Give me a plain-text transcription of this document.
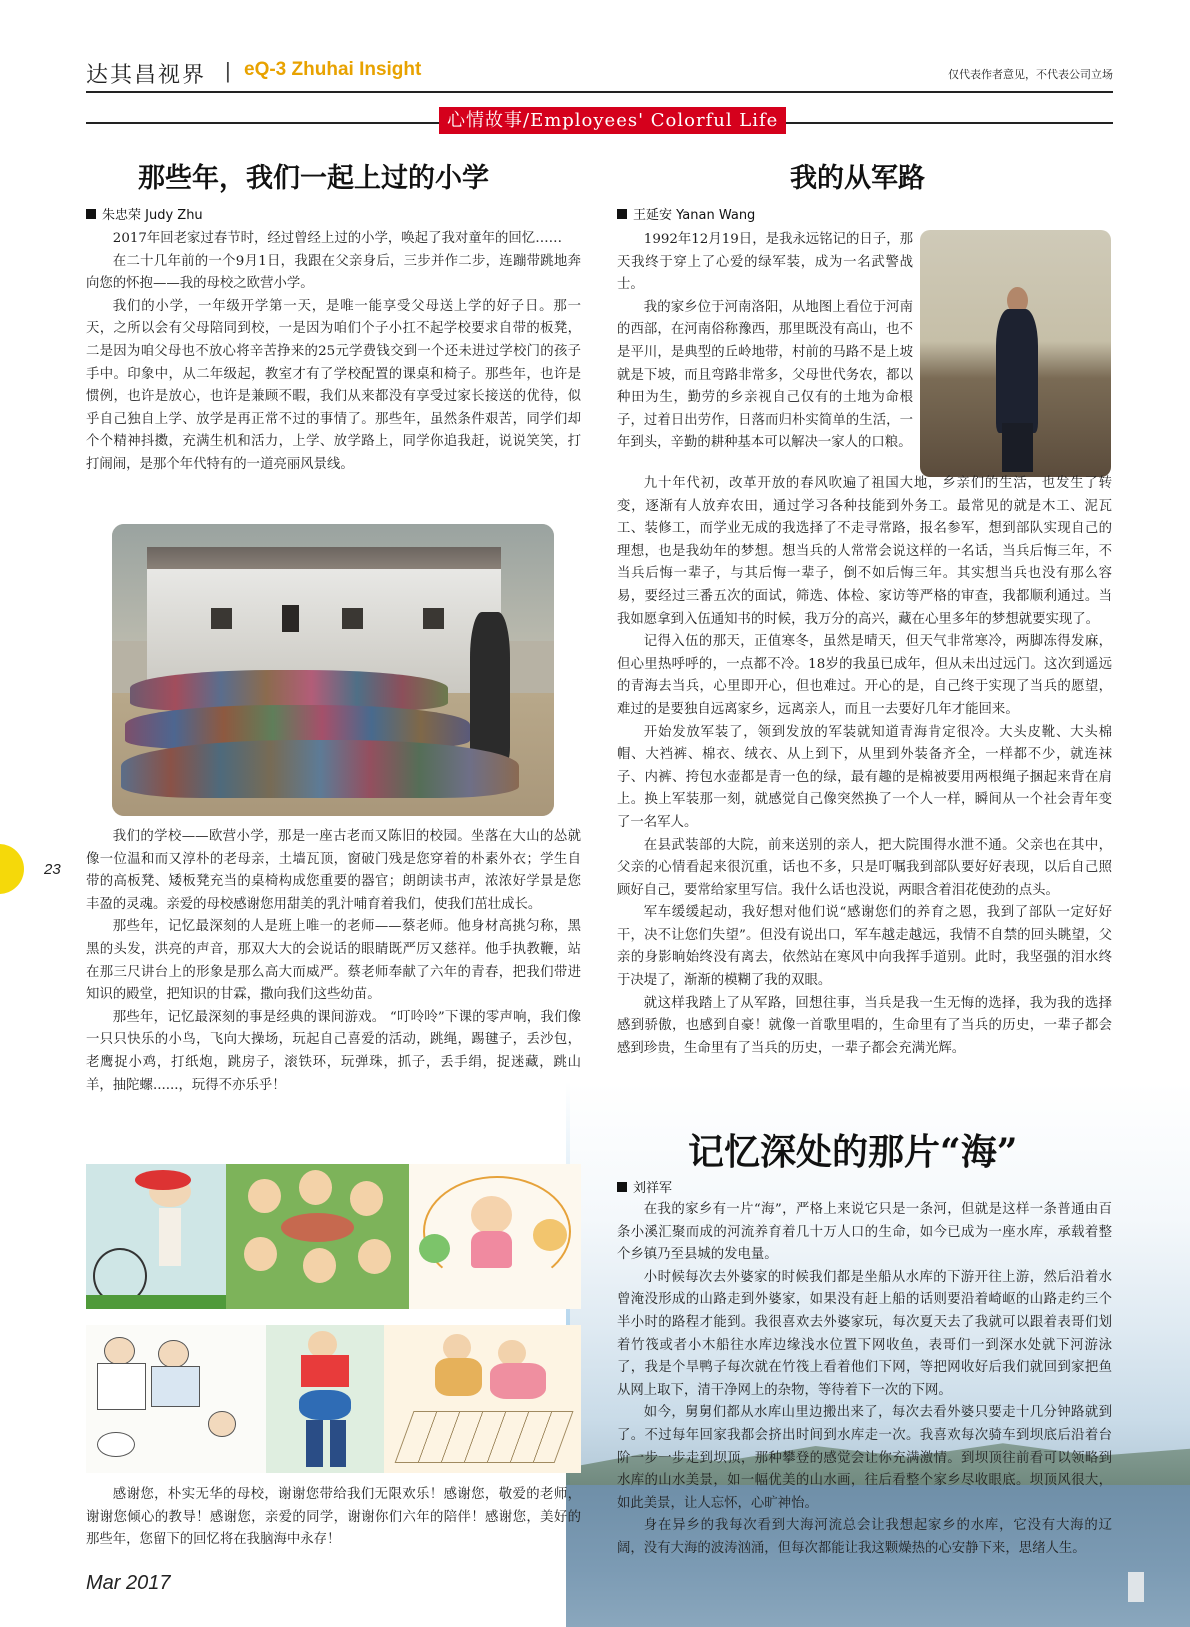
达其昌视界 | eQ-3 Zhuhai Insight	仅代表作者意见，不代表公司立场
心情故事/Employees' Colorful Life
那些年，我们一起上过的小学
朱忠荣 Judy Zhu

2017年回老家过春节时，经过曾经上过的小学，唤起了我对童年的回忆……

在二十几年前的一个9月1日，我跟在父亲身后，三步并作二步，连蹦带跳地奔向您的怀抱——我的母校之欧营小学。

我们的小学，一年级开学第一天，是唯一能享受父母送上学的好子日。那一天，之所以会有父母陪同到校，一是因为咱们个子小扛不起学校要求自带的板凳，二是因为咱父母也不放心将辛苦挣来的25元学费钱交到一个还未进过学校门的孩子手中。印象中，从二年级起，教室才有了学校配置的课桌和椅子。那些年，也许是惯例，也许是放心，也许是兼顾不暇，我们从来都没有享受过家长接送的优待，似乎自己独自上学、放学是再正常不过的事情了。那些年，虽然条件艰苦，同学们却个个精神抖擞，充满生机和活力，上学、放学路上，同学你追我赶，说说笑笑，打打闹闹，是那个年代特有的一道亮丽风景线。

我们的学校——欧营小学，那是一座古老而又陈旧的校园。坐落在大山的怂就像一位温和而又淳朴的老母亲，土墙瓦顶，窗破门残是您穿着的朴素外衣；学生自带的高板凳、矮板凳充当的桌椅构成您重要的器官；朗朗读书声，浓浓好学景是您丰盈的灵魂。亲爱的母校感谢您用甜美的乳汁哺育着我们，使我们茁壮成长。

那些年，记忆最深刻的人是班上唯一的老师——蔡老师。他身材高挑匀称，黑黑的头发，洪亮的声音，那双大大的会说话的眼睛既严厉又慈祥。他手执教鞭，站在那三尺讲台上的形象是那么高大而威严。蔡老师奉献了六年的青春，把我们带进知识的殿堂，把知识的甘霖，撒向我们这些幼苗。

那些年，记忆最深刻的事是经典的课间游戏。 “叮呤呤”下课的零声响，我们像一只只快乐的小鸟，飞向大操场，玩起自己喜爱的活动，跳绳，踢毽子，丢沙包，老鹰捉小鸡，打纸炮，跳房子，滚铁环，玩弹珠，抓子，丢手绢，捉迷藏，跳山羊，抽陀螺......，玩得不亦乐乎！

感谢您，朴实无华的母校，谢谢您带给我们无限欢乐！感谢您，敬爱的老师，谢谢您倾心的教导！感谢您，亲爱的同学，谢谢你们六年的陪伴！感谢您，美好的那些年，您留下的回忆将在我脑海中永存！

我的从军路
王延安 Yanan Wang

1992年12月19日，是我永远铭记的日子，那天我终于穿上了心爱的绿军装，成为一名武警战士。

我的家乡位于河南洛阳，从地图上看位于河南的西部，在河南俗称豫西，那里既没有高山，也不是平川，是典型的丘岭地带，村前的马路不是上坡就是下坡，而且弯路非常多，父母世代务农，都以种田为生，勤劳的乡亲视自己仅有的土地为命根子，过着日出劳作，日落而归朴实简单的生活，一年到头，辛勤的耕种基本可以解决一家人的口粮。

九十年代初，改革开放的春风吹遍了祖国大地，乡亲们的生活，也发生了转变，逐渐有人放弃农田，通过学习各种技能到外务工。最常见的就是木工、泥瓦工、装修工，而学业无成的我选择了不走寻常路，报名参军，想到部队实现自己的理想，也是我幼年的梦想。想当兵的人常常会说这样的一名话，当兵后悔三年，不当兵后悔一辈子，与其后悔一辈子，倒不如后悔三年。其实想当兵也没有那么容易，要经过三番五次的面试，筛选、体检、家访等严格的审查，我都顺利通过。当我如愿拿到入伍通知书的时候，我万分的高兴，藏在心里多年的梦想就要实现了。

记得入伍的那天，正值寒冬，虽然是晴天，但天气非常寒冷，两脚冻得发麻，但心里热呼呼的，一点都不冷。18岁的我虽已成年，但从未出过远门。这次到遥远的青海去当兵，心里即开心，但也难过。开心的是，自己终于实现了当兵的愿望，难过的是要独自远离家乡，远离亲人，而且一去要好几年才能回来。

开始发放军装了，领到发放的军装就知道青海肯定很冷。大头皮靴、大头棉帽、大裆裤、棉衣、绒衣、从上到下，从里到外装备齐全，一样都不少，就连袜子、内裤、挎包水壶都是青一色的绿，最有趣的是棉被要用两根绳子捆起来背在肩上。换上军装那一刻，就感觉自己像突然换了一个人一样，瞬间从一个社会青年变了一名军人。

在县武装部的大院，前来送别的亲人，把大院围得水泄不通。父亲也在其中，父亲的心情看起来很沉重，话也不多，只是叮嘱我到部队要好好表现，以后自己照顾好自己，要常给家里写信。我什么话也没说，两眼含着泪花使劲的点头。

军车缓缓起动，我好想对他们说“感谢您们的养育之恩，我到了部队一定好好干，决不让您们失望”。但没有说出口，军车越走越远，我情不自禁的回头眺望，父亲的身影晌始终没有离去，依然站在寒风中向我挥手道别。此时，我坚强的泪水终于决堤了，渐渐的模糊了我的双眼。

就这样我踏上了从军路，回想往事，当兵是我一生无悔的选择，我为我的选择感到骄傲，也感到自豪！就像一首歌里唱的，生命里有了当兵的历史，一辈子都会感到珍贵，生命里有了当兵的历史，一辈子都会充满光辉。

记忆深处的那片“海”
刘祥军

在我的家乡有一片“海”，严格上来说它只是一条河，但就是这样一条普通由百条小溪汇聚而成的河流养育着几十万人口的生命，如今已成为一座水库，承载着整个乡镇乃至县城的发电量。

小时候每次去外婆家的时候我们都是坐船从水库的下游开往上游，然后沿着水曾淹没形成的山路走到外婆家，如果没有赶上船的话则要沿着崎岖的山路走约三个半小时的路程才能到。我很喜欢去外婆家玩，每次夏天去了我就可以跟着表哥们划着竹筏或者小木船往水库边缘浅水位置下网收鱼，表哥们一到深水处就下河游泳了，我是个旱鸭子每次就在竹筏上看着他们下网，等把网收好后我们就回到家把鱼从网上取下，清干净网上的杂物，等待着下一次的下网。

如今，舅舅们都从水库山里边搬出来了，每次去看外婆只要走十几分钟路就到了。不过每年回家我都会挤出时间到水库走一次。我喜欢每次骑车到坝底后沿着台阶一步一步走到坝顶，那种攀登的感觉会让你充满激情。到坝顶往前看可以领略到水库的山水美景，如一幅优美的山水画，往后看整个家乡尽收眼底。坝顶风很大，如此美景，让人忘怀，心旷神怡。

身在异乡的我每次看到大海河流总会让我想起家乡的水库，它没有大海的辽阔，没有大海的波涛汹涌，但每次都能让我这颗燥热的心安静下来，思绪人生。

23
Mar 2017
